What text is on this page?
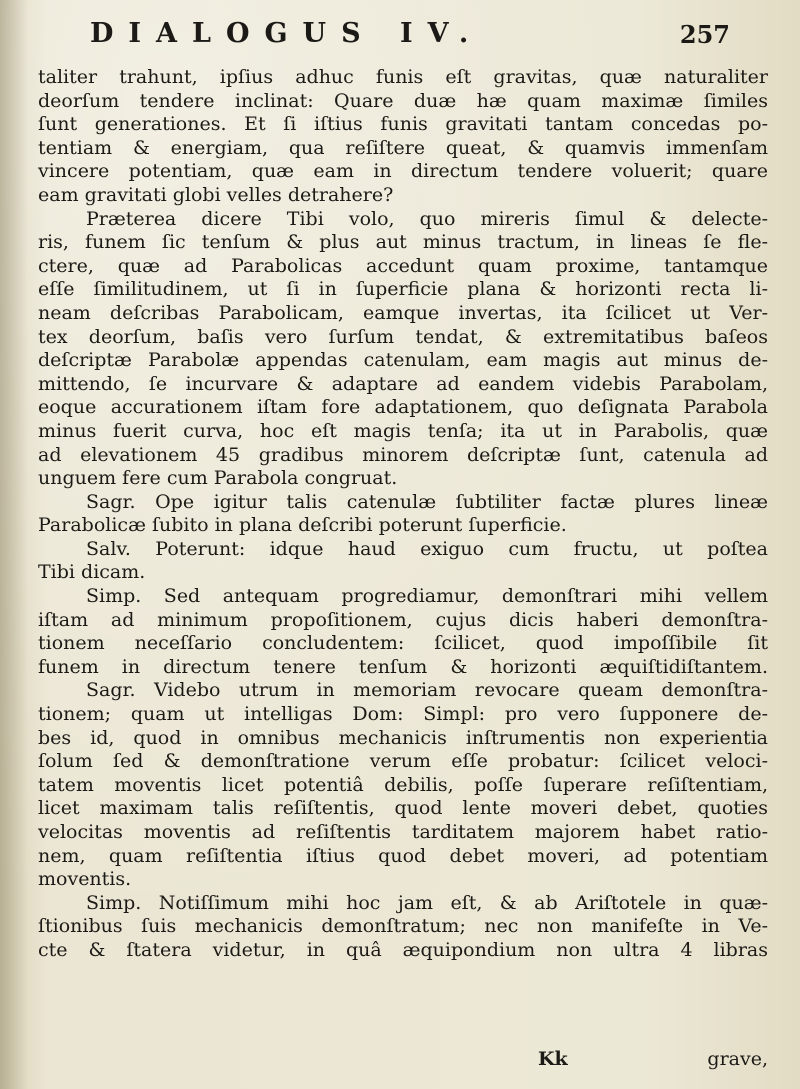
DIALOGUS IV.	257
taliter trahunt, ipſius adhuc funis eſt gravitas, quæ naturaliter
deorſum tendere inclinat: Quare duæ hæ quam maximæ ſimiles
ſunt generationes. Et ſi iſtius funis gravitati tantam concedas po-
tentiam & energiam, qua reſiſtere queat, & quamvis immenſam
vincere potentiam, quæ eam in directum tendere voluerit; quare
eam gravitati globi velles detrahere?
Præterea dicere Tibi volo, quo mireris ſimul & delecte-
ris, funem ſic tenſum & plus aut minus tractum, in lineas ſe fle-
ctere, quæ ad Parabolicas accedunt quam proxime, tantamque
eſſe ſimilitudinem, ut ſi in ſuperficie plana & horizonti recta li-
neam deſcribas Parabolicam, eamque invertas, ita ſcilicet ut Ver-
tex deorſum, baſis vero ſurſum tendat, & extremitatibus baſeos
deſcriptæ Parabolæ appendas catenulam, eam magis aut minus de-
mittendo, ſe incurvare & adaptare ad eandem videbis Parabolam,
eoque accurationem iſtam fore adaptationem, quo deſignata Parabola
minus fuerit curva, hoc eſt magis tenſa; ita ut in Parabolis, quæ
ad elevationem 45 gradibus minorem deſcriptæ ſunt, catenula ad
unguem fere cum Parabola congruat.
Sagr. Ope igitur talis catenulæ ſubtiliter factæ plures lineæ
Parabolicæ ſubito in plana deſcribi poterunt ſuperficie.
Salv. Poterunt: idque haud exiguo cum fructu, ut poſtea
Tibi dicam.
Simp. Sed antequam progrediamur, demonſtrari mihi vellem
iſtam ad minimum propoſitionem, cujus dicis haberi demonſtra-
tionem neceſſario concludentem: ſcilicet, quod impoſſibile ſit
funem in directum tenere tenſum & horizonti æquiſtidiſtantem.
Sagr. Videbo utrum in memoriam revocare queam demonſtra-
tionem; quam ut intelligas Dom: Simpl: pro vero ſupponere de-
bes id, quod in omnibus mechanicis inſtrumentis non experientia
ſolum ſed & demonſtratione verum eſſe probatur: ſcilicet veloci-
tatem moventis licet potentiâ debilis, poſſe ſuperare reſiſtentiam,
licet maximam talis reſiſtentis, quod lente moveri debet, quoties
velocitas moventis ad reſiſtentis tarditatem majorem habet ratio-
nem, quam reſiſtentia iſtius quod debet moveri, ad potentiam
moventis.
Simp. Notiſſimum mihi hoc jam eſt, & ab Ariſtotele in quæ-
ſtionibus ſuis mechanicis demonſtratum; nec non manifeſte in Ve-
cte & ſtatera videtur, in quâ æquipondium non ultra 4 libras
Kk	grave,
